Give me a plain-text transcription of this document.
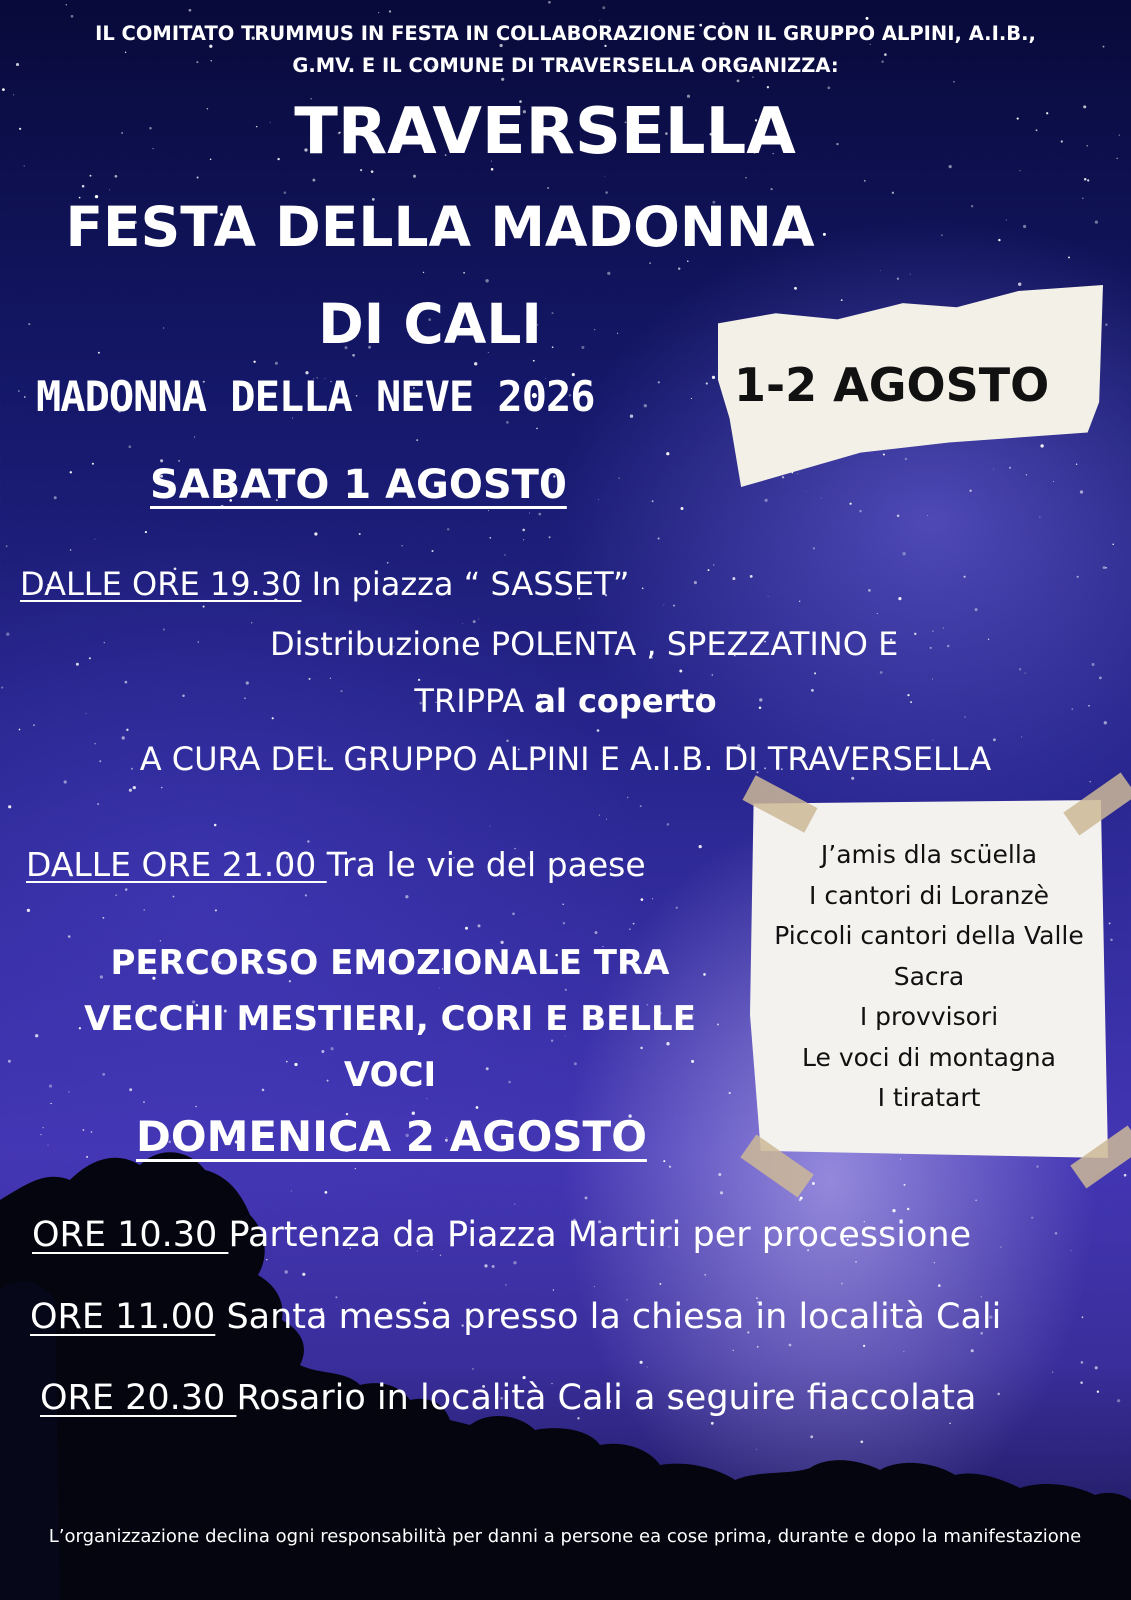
IL COMITATO TRUMMUS IN FESTA IN COLLABORAZIONE CON IL GRUPPO ALPINI, A.I.B.,
G.MV. E IL COMUNE DI TRAVERSELLA ORGANIZZA:
TRAVERSELLA
FESTA DELLA MADONNA
DI CALI
MADONNA DELLA NEVE 2026	1-2 AGOSTO
SABATO 1 AGOST0
DALLE ORE 19.30 In piazza “ SASSET”
Distribuzione POLENTA , SPEZZATINO E
TRIPPA al coperto
A CURA DEL GRUPPO ALPINI E A.I.B. DI TRAVERSELLA
DALLE ORE 21.00 Tra le vie del paese
PERCORSO EMOZIONALE TRA VECCHI MESTIERI, CORI E BELLE VOCI
J’amis dla scüella
I cantori di Loranzè
Piccoli cantori della Valle Sacra
I provvisori
Le voci di montagna
I tiratart
DOMENICA 2 AGOSTO
ORE 10.30 Partenza da Piazza Martiri per processione
ORE 11.00 Santa messa presso la chiesa in località Cali
ORE 20.30 Rosario in località Cali a seguire fiaccolata
L’organizzazione declina ogni responsabilità per danni a persone ea cose prima, durante e dopo la manifestazione
